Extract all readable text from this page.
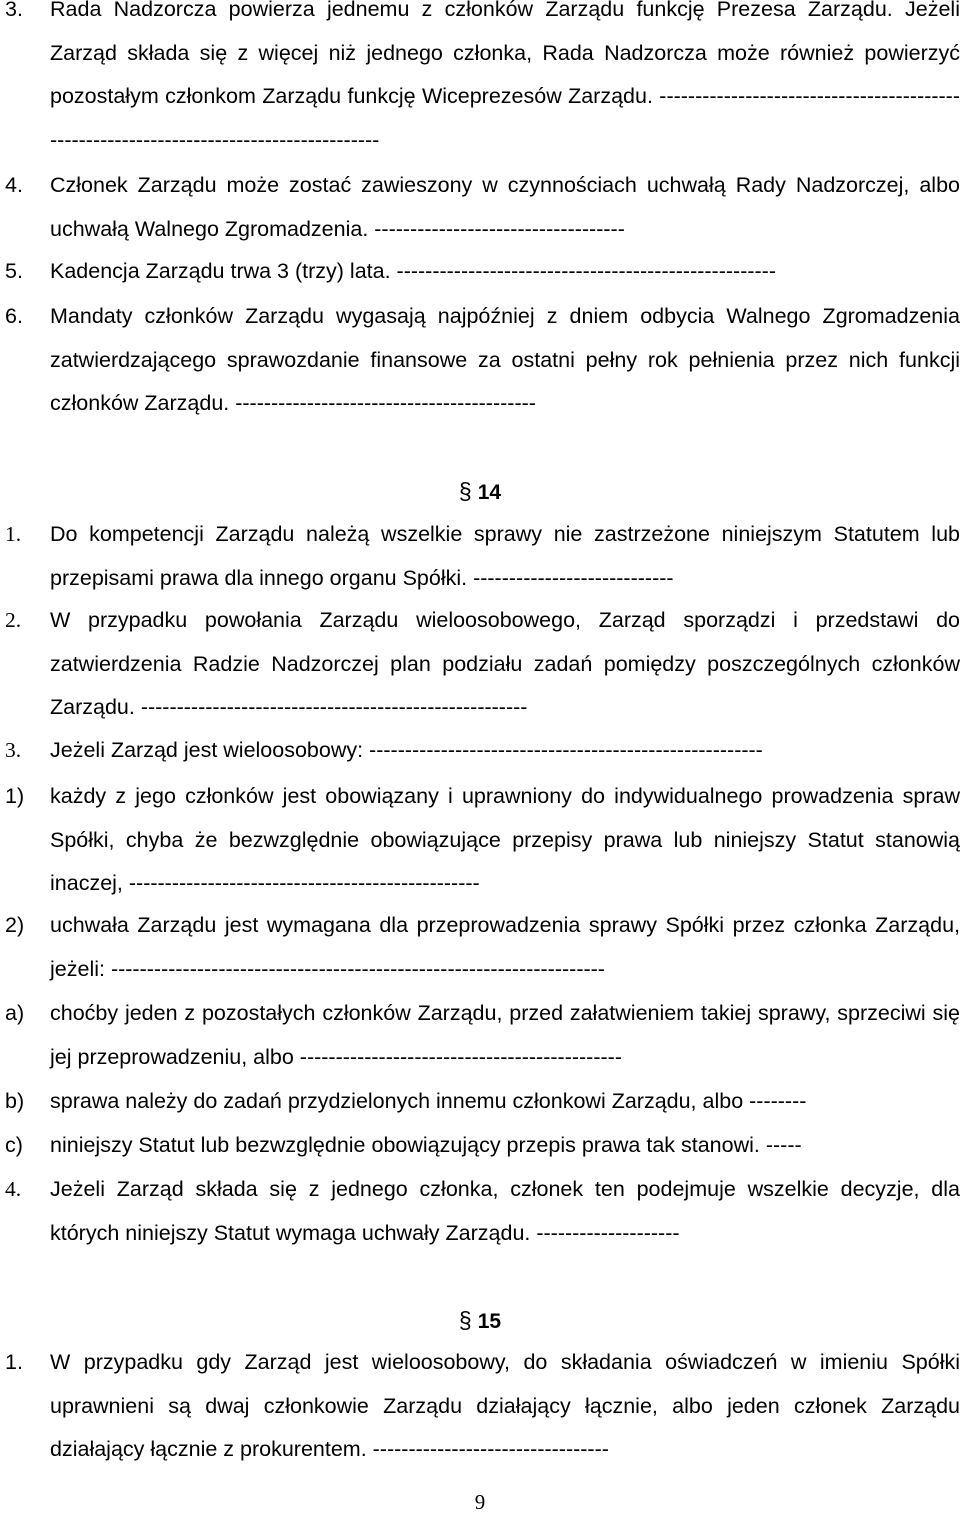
3. Rada Nadzorcza powierza jednemu z członków Zarządu funkcję Prezesa Zarządu. Jeżeli Zarząd składa się z więcej niż jednego członka, Rada Nadzorcza może również powierzyć pozostałym członkom Zarządu funkcję Wiceprezesów Zarządu. ----------------------------------------------------------------------------------------
4. Członek Zarządu może zostać zawieszony w czynnościach uchwałą Rady Nadzorczej, albo uchwałą Walnego Zgromadzenia. -----------------------------------
5. Kadencja Zarządu trwa 3 (trzy) lata. -----------------------------------------------------
6. Mandaty członków Zarządu wygasają najpóźniej z dniem odbycia Walnego Zgromadzenia zatwierdzającego sprawozdanie finansowe za ostatni pełny rok pełnienia przez nich funkcji członków Zarządu. ------------------------------------------
§ 14
1. Do kompetencji Zarządu należą wszelkie sprawy nie zastrzeżone niniejszym Statutem lub przepisami prawa dla innego organu Spółki. ----------------------------
2. W przypadku powołania Zarządu wieloosobowego, Zarząd sporządzi i przedstawi do zatwierdzenia Radzie Nadzorczej plan podziału zadań pomiędzy poszczególnych członków Zarządu. ------------------------------------------------------
3. Jeżeli Zarząd jest wieloosobowy: -------------------------------------------------------
1) każdy z jego członków jest obowiązany i uprawniony do indywidualnego prowadzenia spraw Spółki, chyba że bezwzględnie obowiązujące przepisy prawa lub niniejszy Statut stanowią inaczej, -------------------------------------------------
2) uchwała Zarządu jest wymagana dla przeprowadzenia sprawy Spółki przez członka Zarządu, jeżeli: ---------------------------------------------------------------------
a) choćby jeden z pozostałych członków Zarządu, przed załatwieniem takiej sprawy, sprzeciwi się jej przeprowadzeniu, albo ---------------------------------------------
b) sprawa należy do zadań przydzielonych innemu członkowi Zarządu, albo --------
c) niniejszy Statut lub bezwzględnie obowiązujący przepis prawa tak stanowi. -----
4. Jeżeli Zarząd składa się z jednego członka, członek ten podejmuje wszelkie decyzje, dla których niniejszy Statut wymaga uchwały Zarządu. --------------------
§ 15
1. W przypadku gdy Zarząd jest wieloosobowy, do składania oświadczeń w imieniu Spółki uprawnieni są dwaj członkowie Zarządu działający łącznie, albo jeden członek Zarządu działający łącznie z prokurentem. ---------------------------------
9
